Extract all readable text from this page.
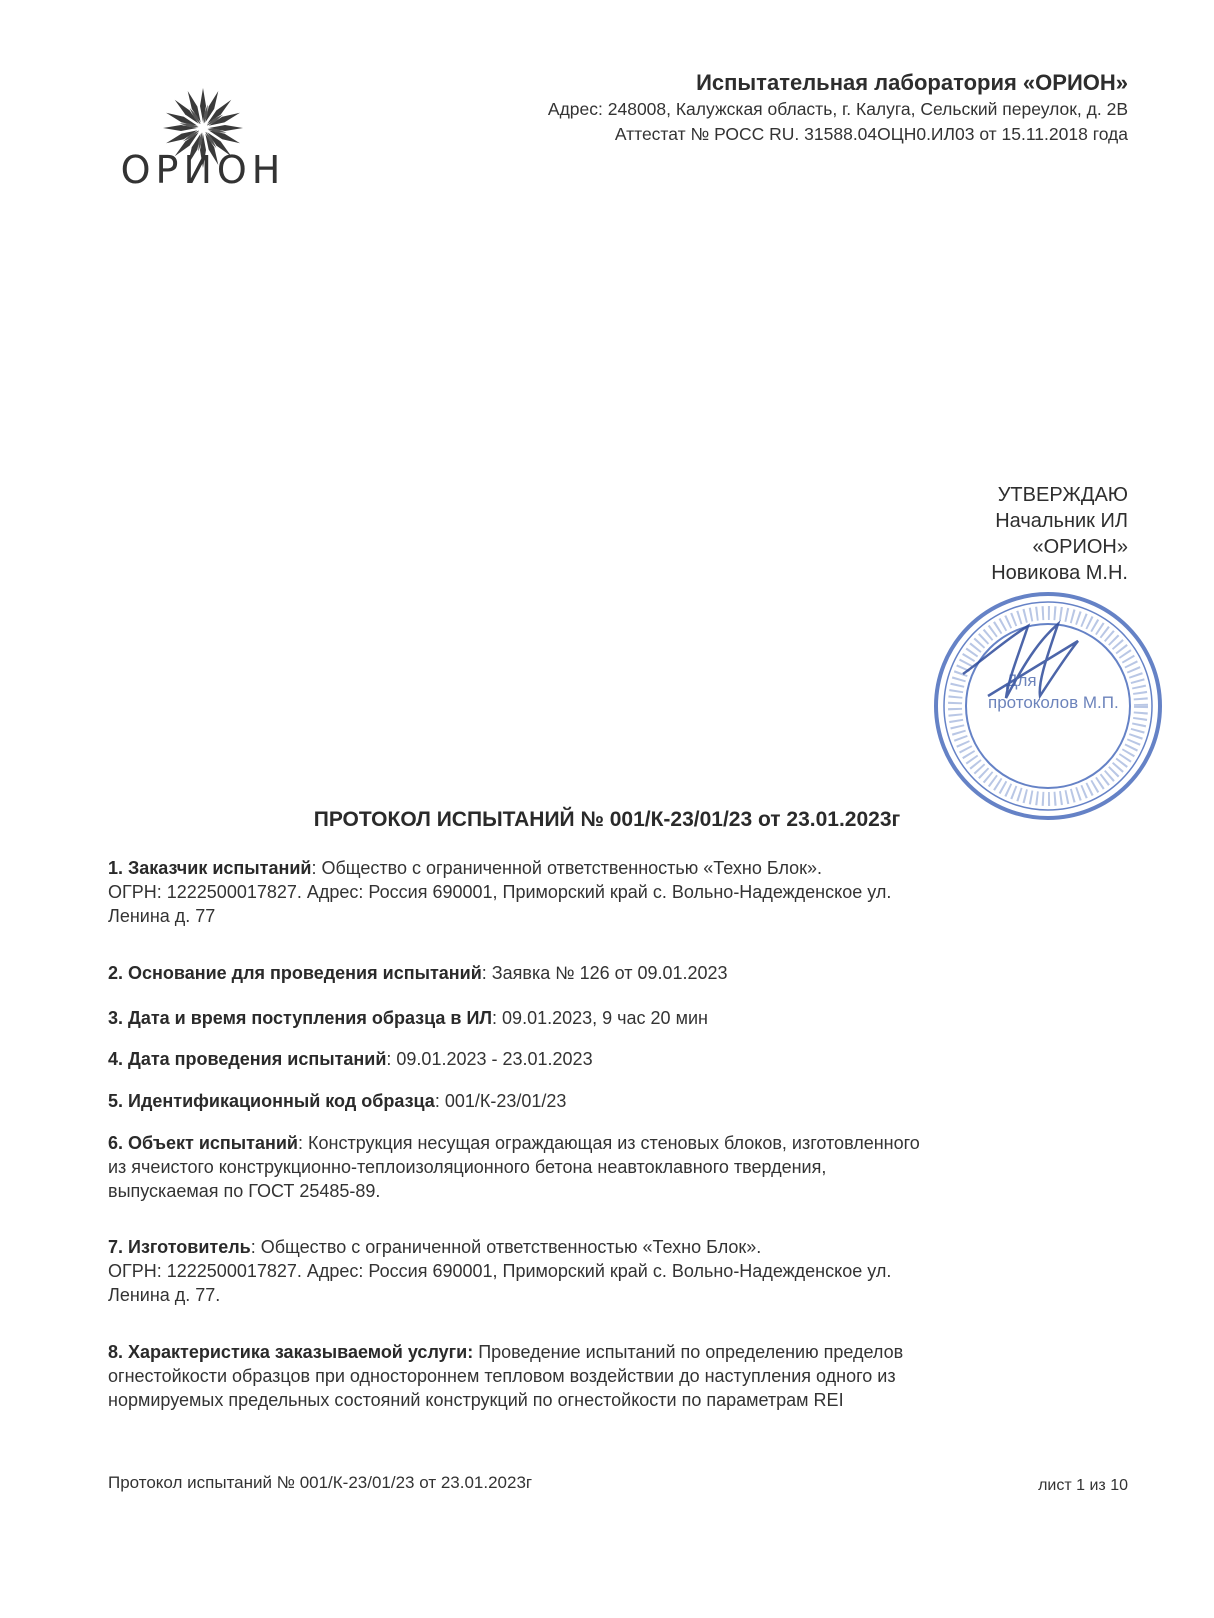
ОРИОН
Испытательная лаборатория «ОРИОН»
Адрес: 248008, Калужская область, г. Калуга, Сельский переулок, д. 2В
Аттестат № РОСС RU. 31588.04ОЦН0.ИЛ03 от 15.11.2018 года
УТВЕРЖДАЮ
Начальник ИЛ
«ОРИОН»
Новикова М.Н.
Для
протоколов М.П.
ПРОТОКОЛ ИСПЫТАНИЙ № 001/К-23/01/23 от 23.01.2023г
1. Заказчик испытаний: Общество с ограниченной ответственностью «Техно Блок».
ОГРН: 1222500017827. Адрес: Россия 690001, Приморский край с. Вольно-Надежденское ул.
Ленина д. 77
2. Основание для проведения испытаний: Заявка № 126 от 09.01.2023
3. Дата и время поступления образца в ИЛ: 09.01.2023, 9 час 20 мин
4. Дата проведения испытаний: 09.01.2023 - 23.01.2023
5. Идентификационный код образца: 001/К-23/01/23
6. Объект испытаний: Конструкция несущая ограждающая из стеновых блоков, изготовленного
из ячеистого конструкционно-теплоизоляционного бетона неавтоклавного твердения,
выпускаемая по ГОСТ 25485-89.
7. Изготовитель: Общество с ограниченной ответственностью «Техно Блок».
ОГРН: 1222500017827. Адрес: Россия 690001, Приморский край с. Вольно-Надежденское ул.
Ленина д. 77.
8. Характеристика заказываемой услуги: Проведение испытаний по определению пределов
огнестойкости образцов при одностороннем тепловом воздействии до наступления одного из
нормируемых предельных состояний конструкций по огнестойкости по параметрам REI
Протокол испытаний № 001/К-23/01/23 от 23.01.2023г	лист 1 из 10
